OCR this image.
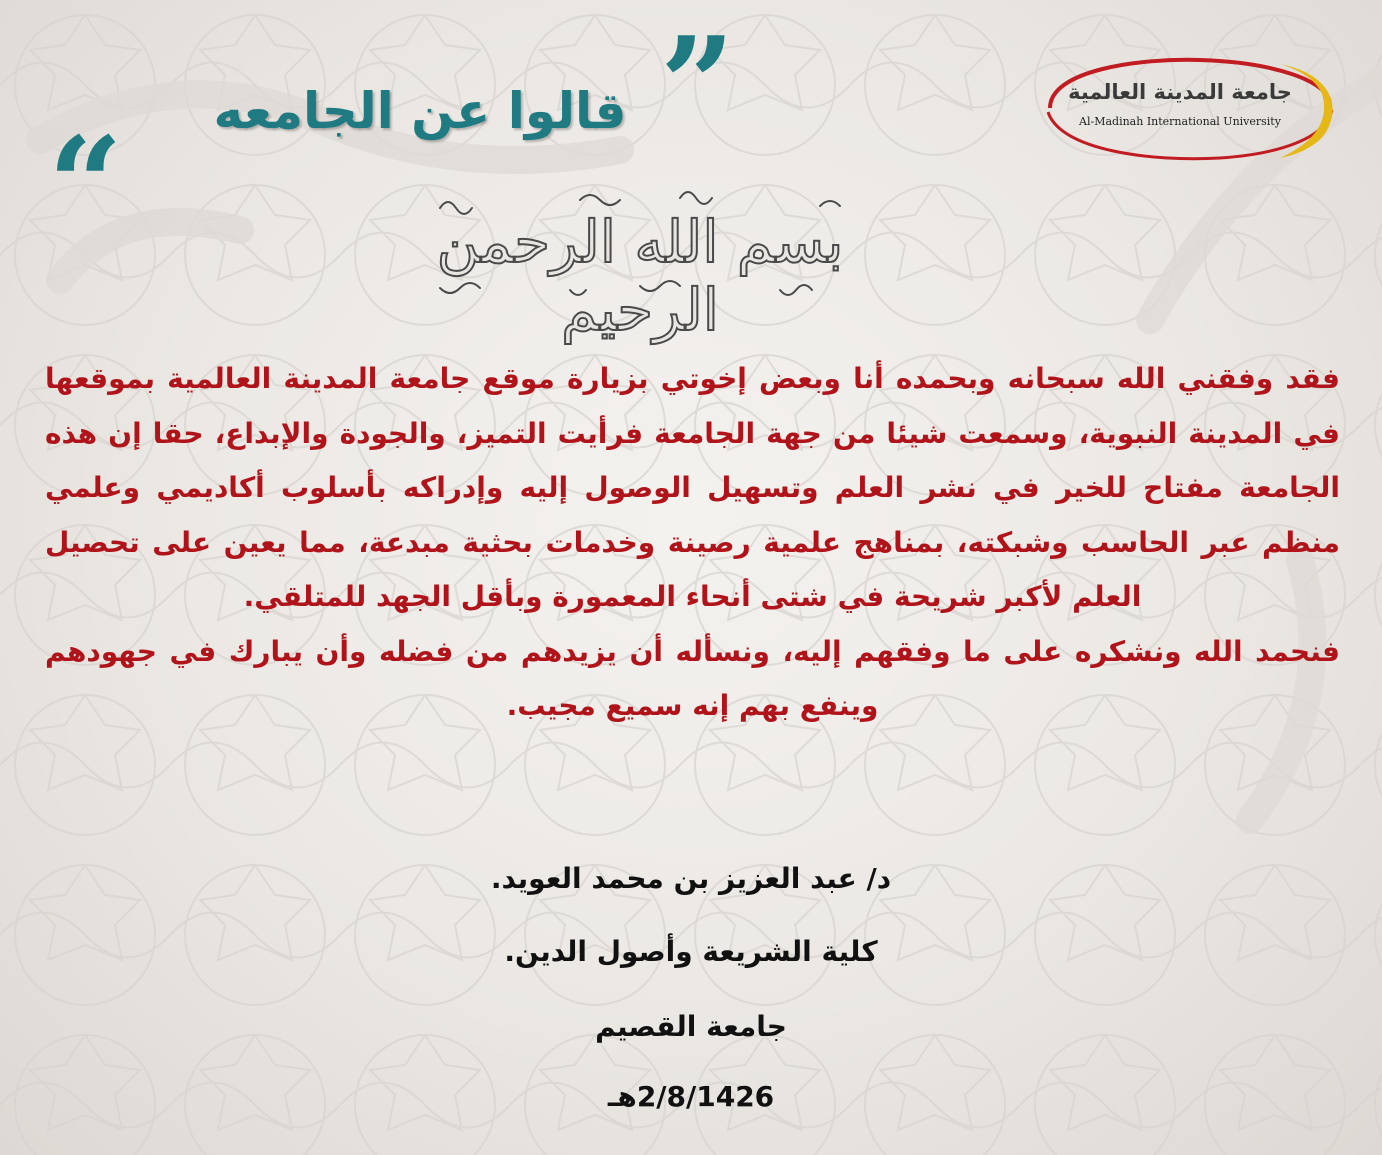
جامعة المدينة العالمية
Al-Madinah International University
”
قالوا عن الجامعه
“	بسم الله الرحمن الرحيم

فقد وفقني الله سبحانه وبحمده أنا وبعض إخوتي بزيارة موقع جامعة المدينة العالمية بموقعها في المدينة النبوية، وسمعت شيئا من جهة الجامعة فرأيت التميز، والجودة والإبداع، حقا إن هذه الجامعة مفتاح للخير في نشر العلم وتسهيل الوصول إليه وإدراكه بأسلوب أكاديمي وعلمي منظم عبر الحاسب وشبكته، بمناهج علمية رصينة وخدمات بحثية مبدعة، مما يعين على تحصيل العلم لأكبر شريحة في شتى أنحاء المعمورة وبأقل الجهد للمتلقي.

فنحمد الله ونشكره على ما وفقهم إليه، ونسأله أن يزيدهم من فضله وأن يبارك في جهودهم وينفع بهم إنه سميع مجيب.

د/ عبد العزيز بن محمد العويد.
كلية الشريعة وأصول الدين.
جامعة القصيم
2/8/1426هـ
